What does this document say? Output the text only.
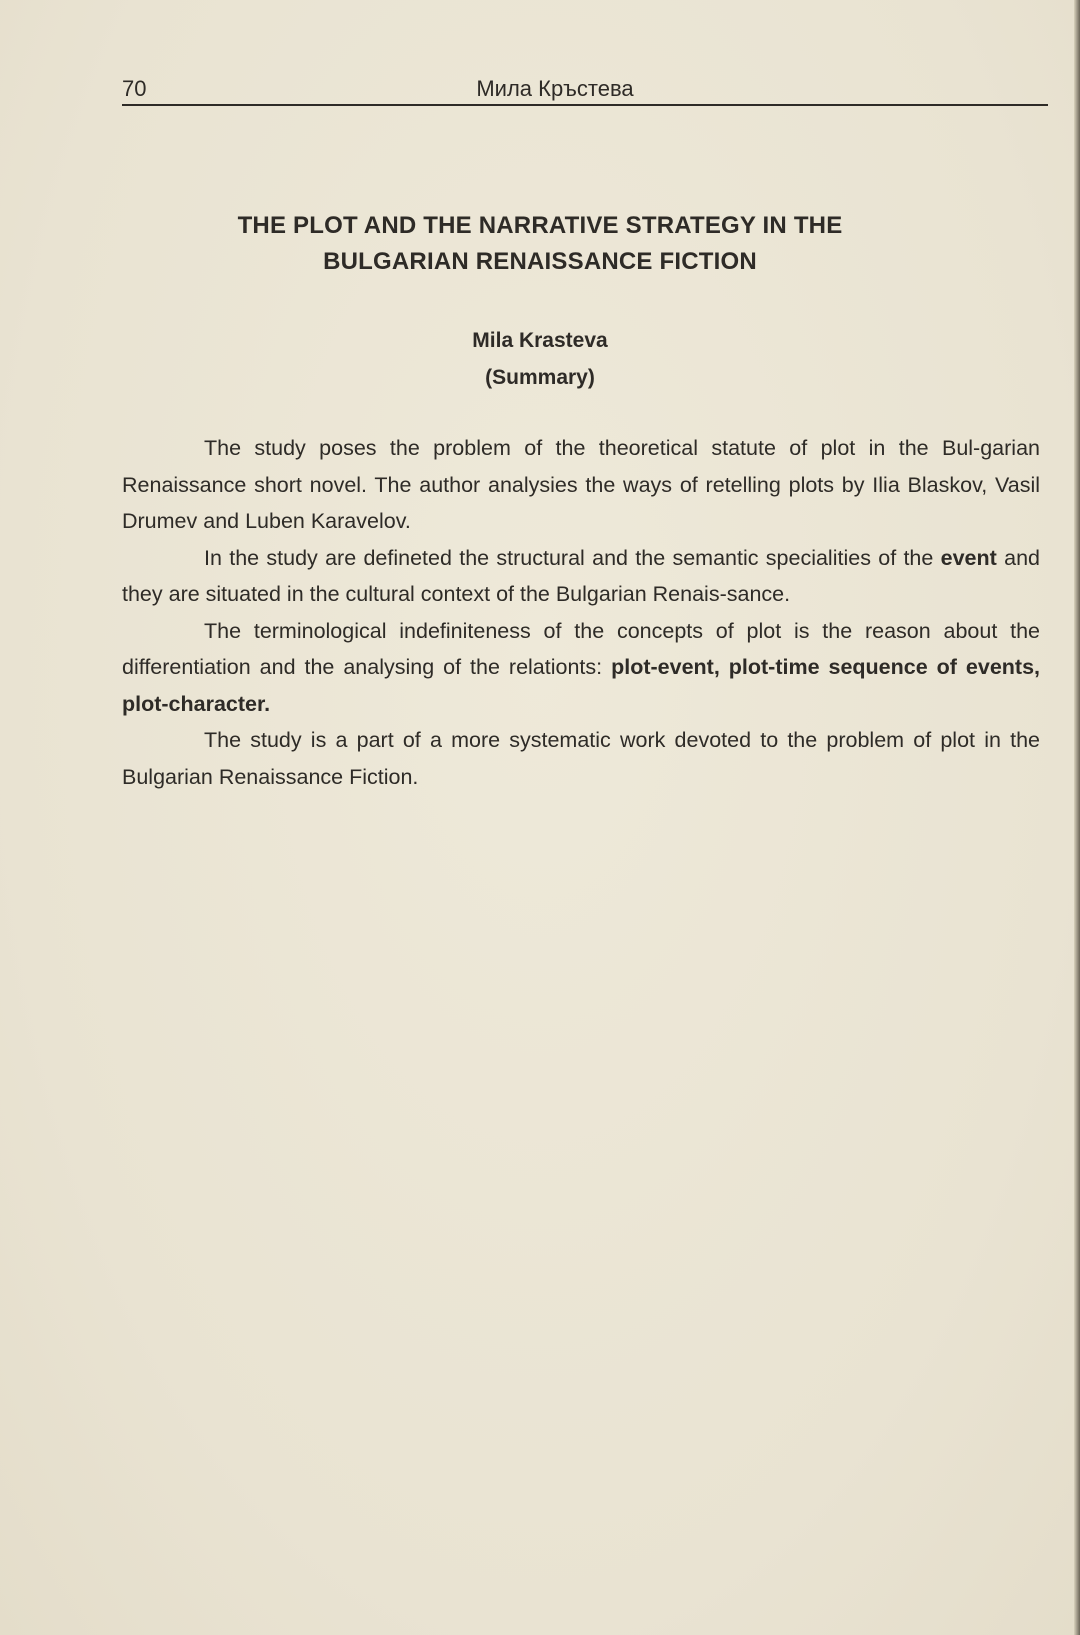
70	Мила Кръстева
THE PLOT AND THE NARRATIVE STRATEGY IN THE
BULGARIAN RENAISSANCE FICTION
Mila Krasteva
(Summary)

The study poses the problem of the theoretical statute of plot in the Bul-garian Renaissance short novel. The author analysies the ways of retelling plots by Ilia Blaskov, Vasil Drumev and Luben Karavelov.

In the study are defineted the structural and the semantic specialities of the event and they are situated in the cultural context of the Bulgarian Renais-sance.

The terminological indefiniteness of the concepts of plot is the reason about the differentiation and the analysing of the relationts: plot-event, plot-time sequence of events, plot-character.

The study is a part of a more systematic work devoted to the problem of plot in the Bulgarian Renaissance Fiction.
